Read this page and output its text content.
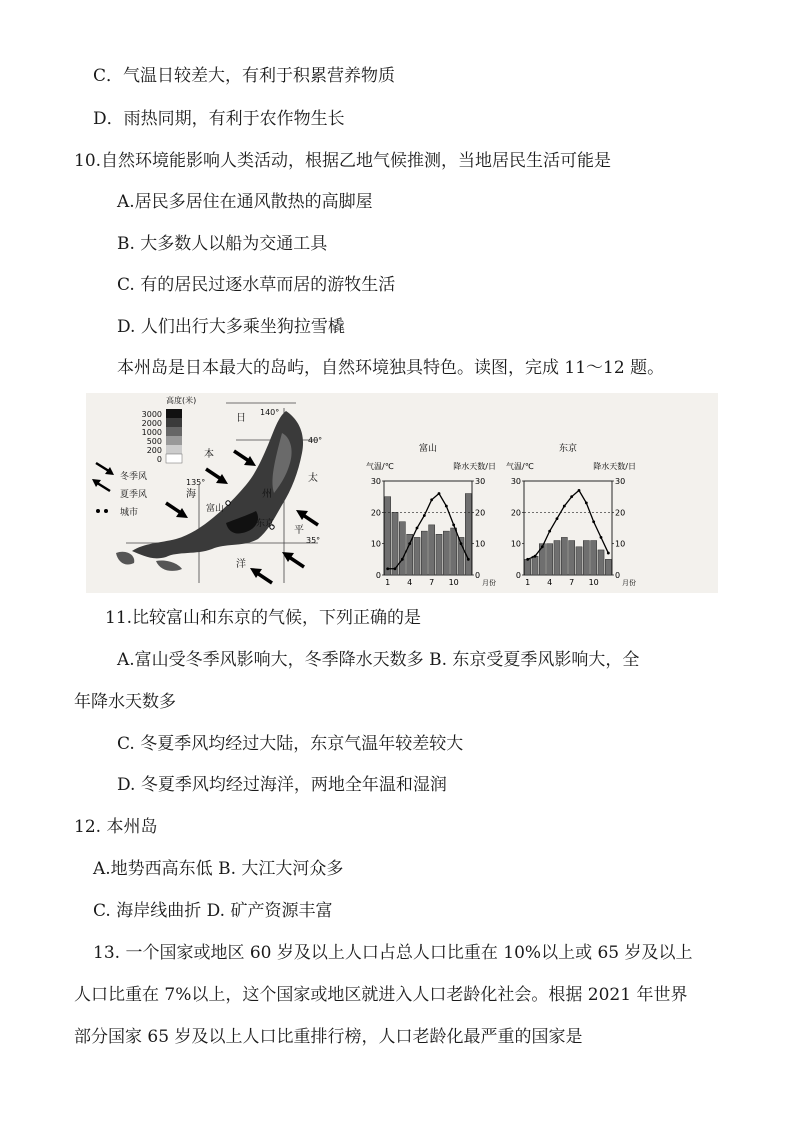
C．气温日较差大，有利于积累营养物质
D．雨热同期，有利于农作物生长
10.自然环境能影响人类活动，根据乙地气候推测，当地居民生活可能是
A.居民多居住在通风散热的高脚屋
B. 大多数人以船为交通工具
C. 有的居民过逐水草而居的游牧生活
D. 人们出行大多乘坐狗拉雪橇
本州岛是日本最大的岛屿，自然环境独具特色。读图，完成 11～12 题。
高度(米)
3000
2000
1000
500
200
0
冬季风
夏季风
城市
日
本
海
太
平
洋
州
富山
东京
140°
135°
40°
35°
富山
气温/℃	降水天数/日
0	0
10	10
20	20
30	30
1 4 7 10	月份
东京
气温/℃	降水天数/日
0	0
10	10
20	20
30	30
1 4 7 10	月份
11.比较富山和东京的气候，下列正确的是
A.富山受冬季风影响大，冬季降水天数多 B. 东京受夏季风影响大，全
年降水天数多
C. 冬夏季风均经过大陆，东京气温年较差较大
D. 冬夏季风均经过海洋，两地全年温和湿润
12. 本州岛
A.地势西高东低 B. 大江大河众多
C. 海岸线曲折 D. 矿产资源丰富
13. 一个国家或地区 60 岁及以上人口占总人口比重在 10%以上或 65 岁及以上
人口比重在 7%以上，这个国家或地区就进入人口老龄化社会。根据 2021 年世界
部分国家 65 岁及以上人口比重排行榜，人口老龄化最严重的国家是
